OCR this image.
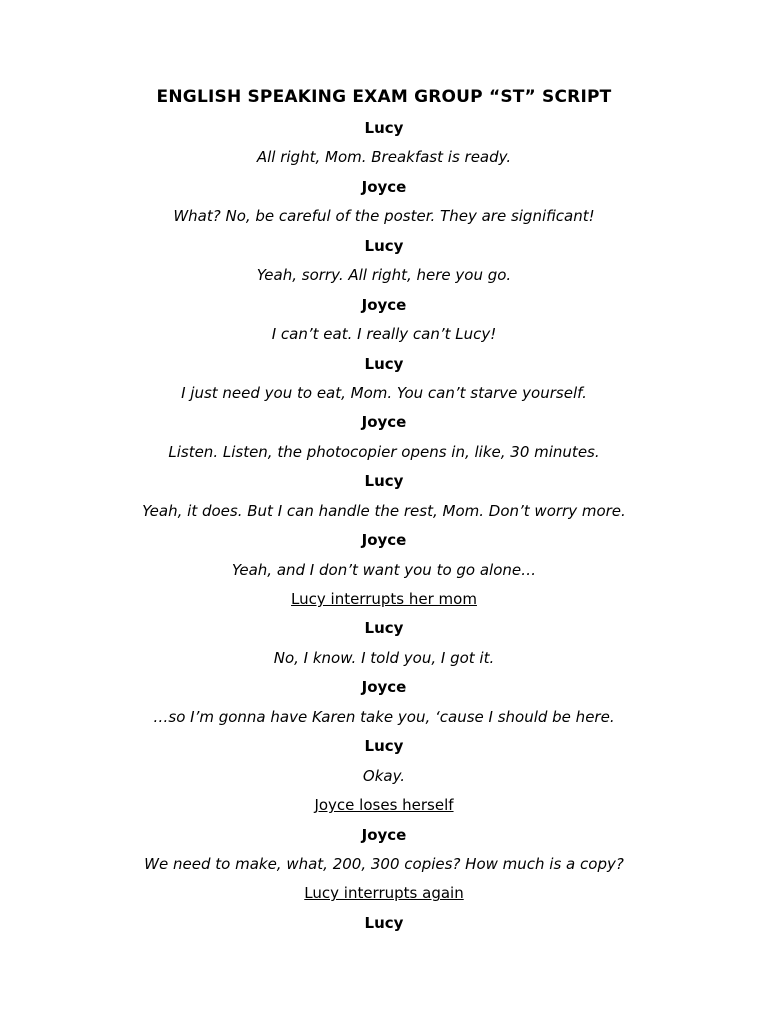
ENGLISH SPEAKING EXAM GROUP “ST” SCRIPT
Lucy
All right, Mom. Breakfast is ready.
Joyce
What? No, be careful of the poster. They are significant!
Lucy
Yeah, sorry. All right, here you go.
Joyce
I can’t eat. I really can’t Lucy!
Lucy
I just need you to eat, Mom. You can’t starve yourself.
Joyce
Listen. Listen, the photocopier opens in, like, 30 minutes.
Lucy
Yeah, it does. But I can handle the rest, Mom. Don’t worry more.
Joyce
Yeah, and I don’t want you to go alone…
Lucy interrupts her mom
Lucy
No, I know. I told you, I got it.
Joyce
…so I’m gonna have Karen take you, ‘cause I should be here.
Lucy
Okay.
Joyce loses herself
Joyce
We need to make, what, 200, 300 copies? How much is a copy?
Lucy interrupts again
Lucy
